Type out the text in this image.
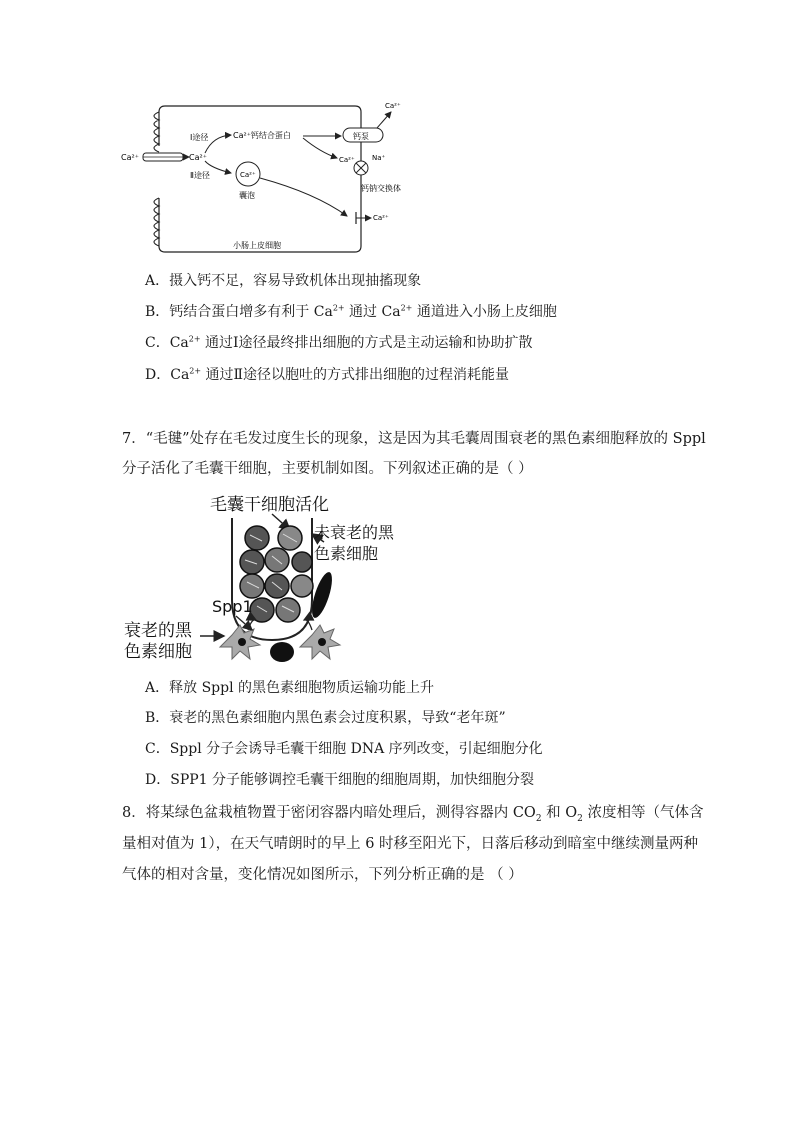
Ca²⁺	Ca²⁺
Ⅰ途径	Ca²⁺钙结合蛋白
Ⅱ途径	Ca²⁺
囊泡
钙泵
Ca²⁺
Ca²⁺ Na⁺
钙钠交换体
Ca²⁺
小肠上皮细胞
A．摄入钙不足，容易导致机体出现抽搐现象
B．钙结合蛋白增多有利于 $Ca^{2+}$ 通过 $Ca^{2+}$ 通道进入小肠上皮细胞
C．$Ca^{2+}$ 通过Ⅰ途径最终排出细胞的方式是主动运输和协助扩散
D．$Ca^{2+}$ 通过Ⅱ途径以胞吐的方式排出细胞的过程消耗能量
7．“毛毽”处存在毛发过度生长的现象，这是因为其毛囊周围衰老的黑色素细胞释放的 Sppl
分子活化了毛囊干细胞，主要机制如图。下列叙述正确的是（ ）
毛囊干细胞活化
未衰老的黑
色素细胞
Spp1
衰老的黑
色素细胞
A．释放 Sppl 的黑色素细胞物质运输功能上升
B．衰老的黑色素细胞内黑色素会过度积累，导致“老年斑”
C．Sppl 分子会诱导毛囊干细胞 DNA 序列改变，引起细胞分化
D．SPP1 分子能够调控毛囊干细胞的细胞周期，加快细胞分裂
8．将某绿色盆栽植物置于密闭容器内暗处理后，测得容器内 $CO_2$ 和 $O_2$ 浓度相等（气体含
量相对值为 1），在天气晴朗时的早上 6 时移至阳光下，日落后移动到暗室中继续测量两种
气体的相对含量，变化情况如图所示，下列分析正确的是 （ ）
